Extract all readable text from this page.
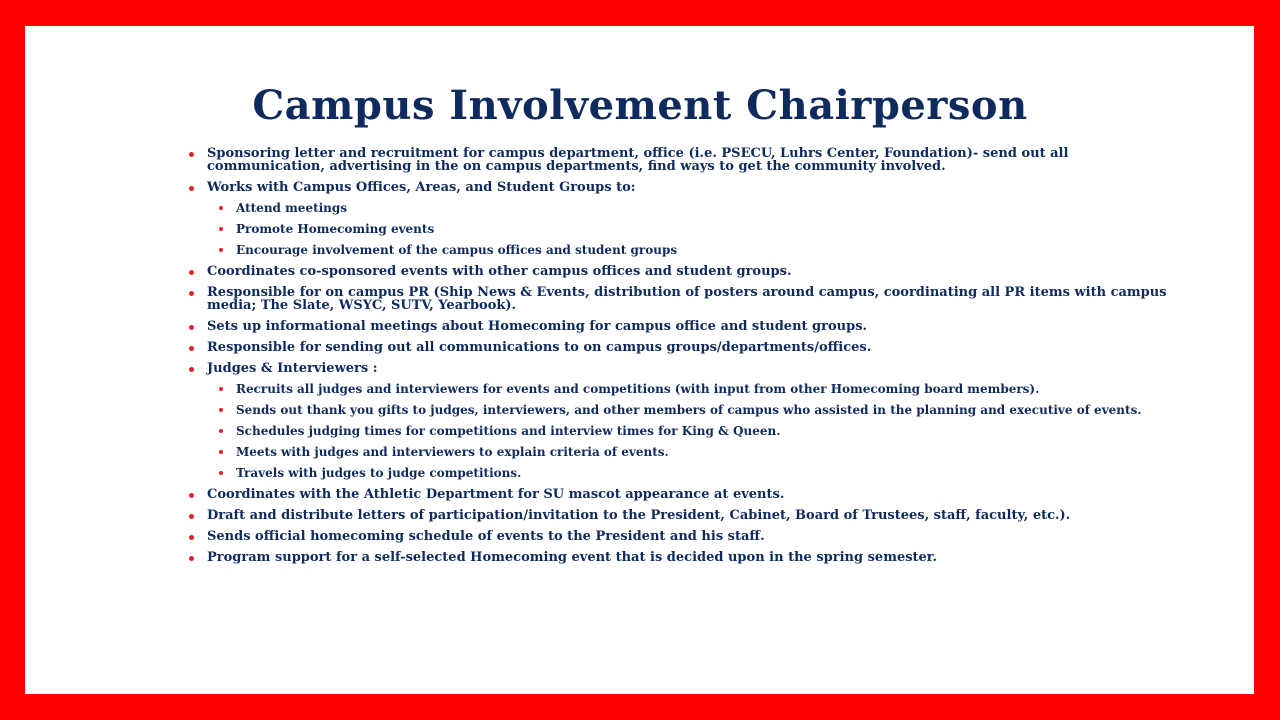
Campus Involvement Chairperson
Sponsoring letter and recruitment for campus department, office (i.e. PSECU, Luhrs Center, Foundation)- send out all communication, advertising in the on campus departments, find ways to get the community involved.
Works with Campus Offices, Areas, and Student Groups to:
Attend meetings
Promote Homecoming events
Encourage involvement of the campus offices and student groups
Coordinates co-sponsored events with other campus offices and student groups.
Responsible for on campus PR (Ship News & Events, distribution of posters around campus, coordinating all PR items with campus media; The Slate, WSYC, SUTV, Yearbook).
Sets up informational meetings about Homecoming for campus office and student groups.
Responsible for sending out all communications to on campus groups/departments/offices.
Judges & Interviewers :
Recruits all judges and interviewers for events and competitions (with input from other Homecoming board members).
Sends out thank you gifts to judges, interviewers, and other members of campus who assisted in the planning and executive of events.
Schedules judging times for competitions and interview times for King & Queen.
Meets with judges and interviewers to explain criteria of events.
Travels with judges to judge competitions.
Coordinates with the Athletic Department for SU mascot appearance at events.
Draft and distribute letters of participation/invitation to the President, Cabinet, Board of Trustees, staff, faculty, etc.).
Sends official homecoming schedule of events to the President and his staff.
Program support for a self-selected Homecoming event that is decided upon in the spring semester.
